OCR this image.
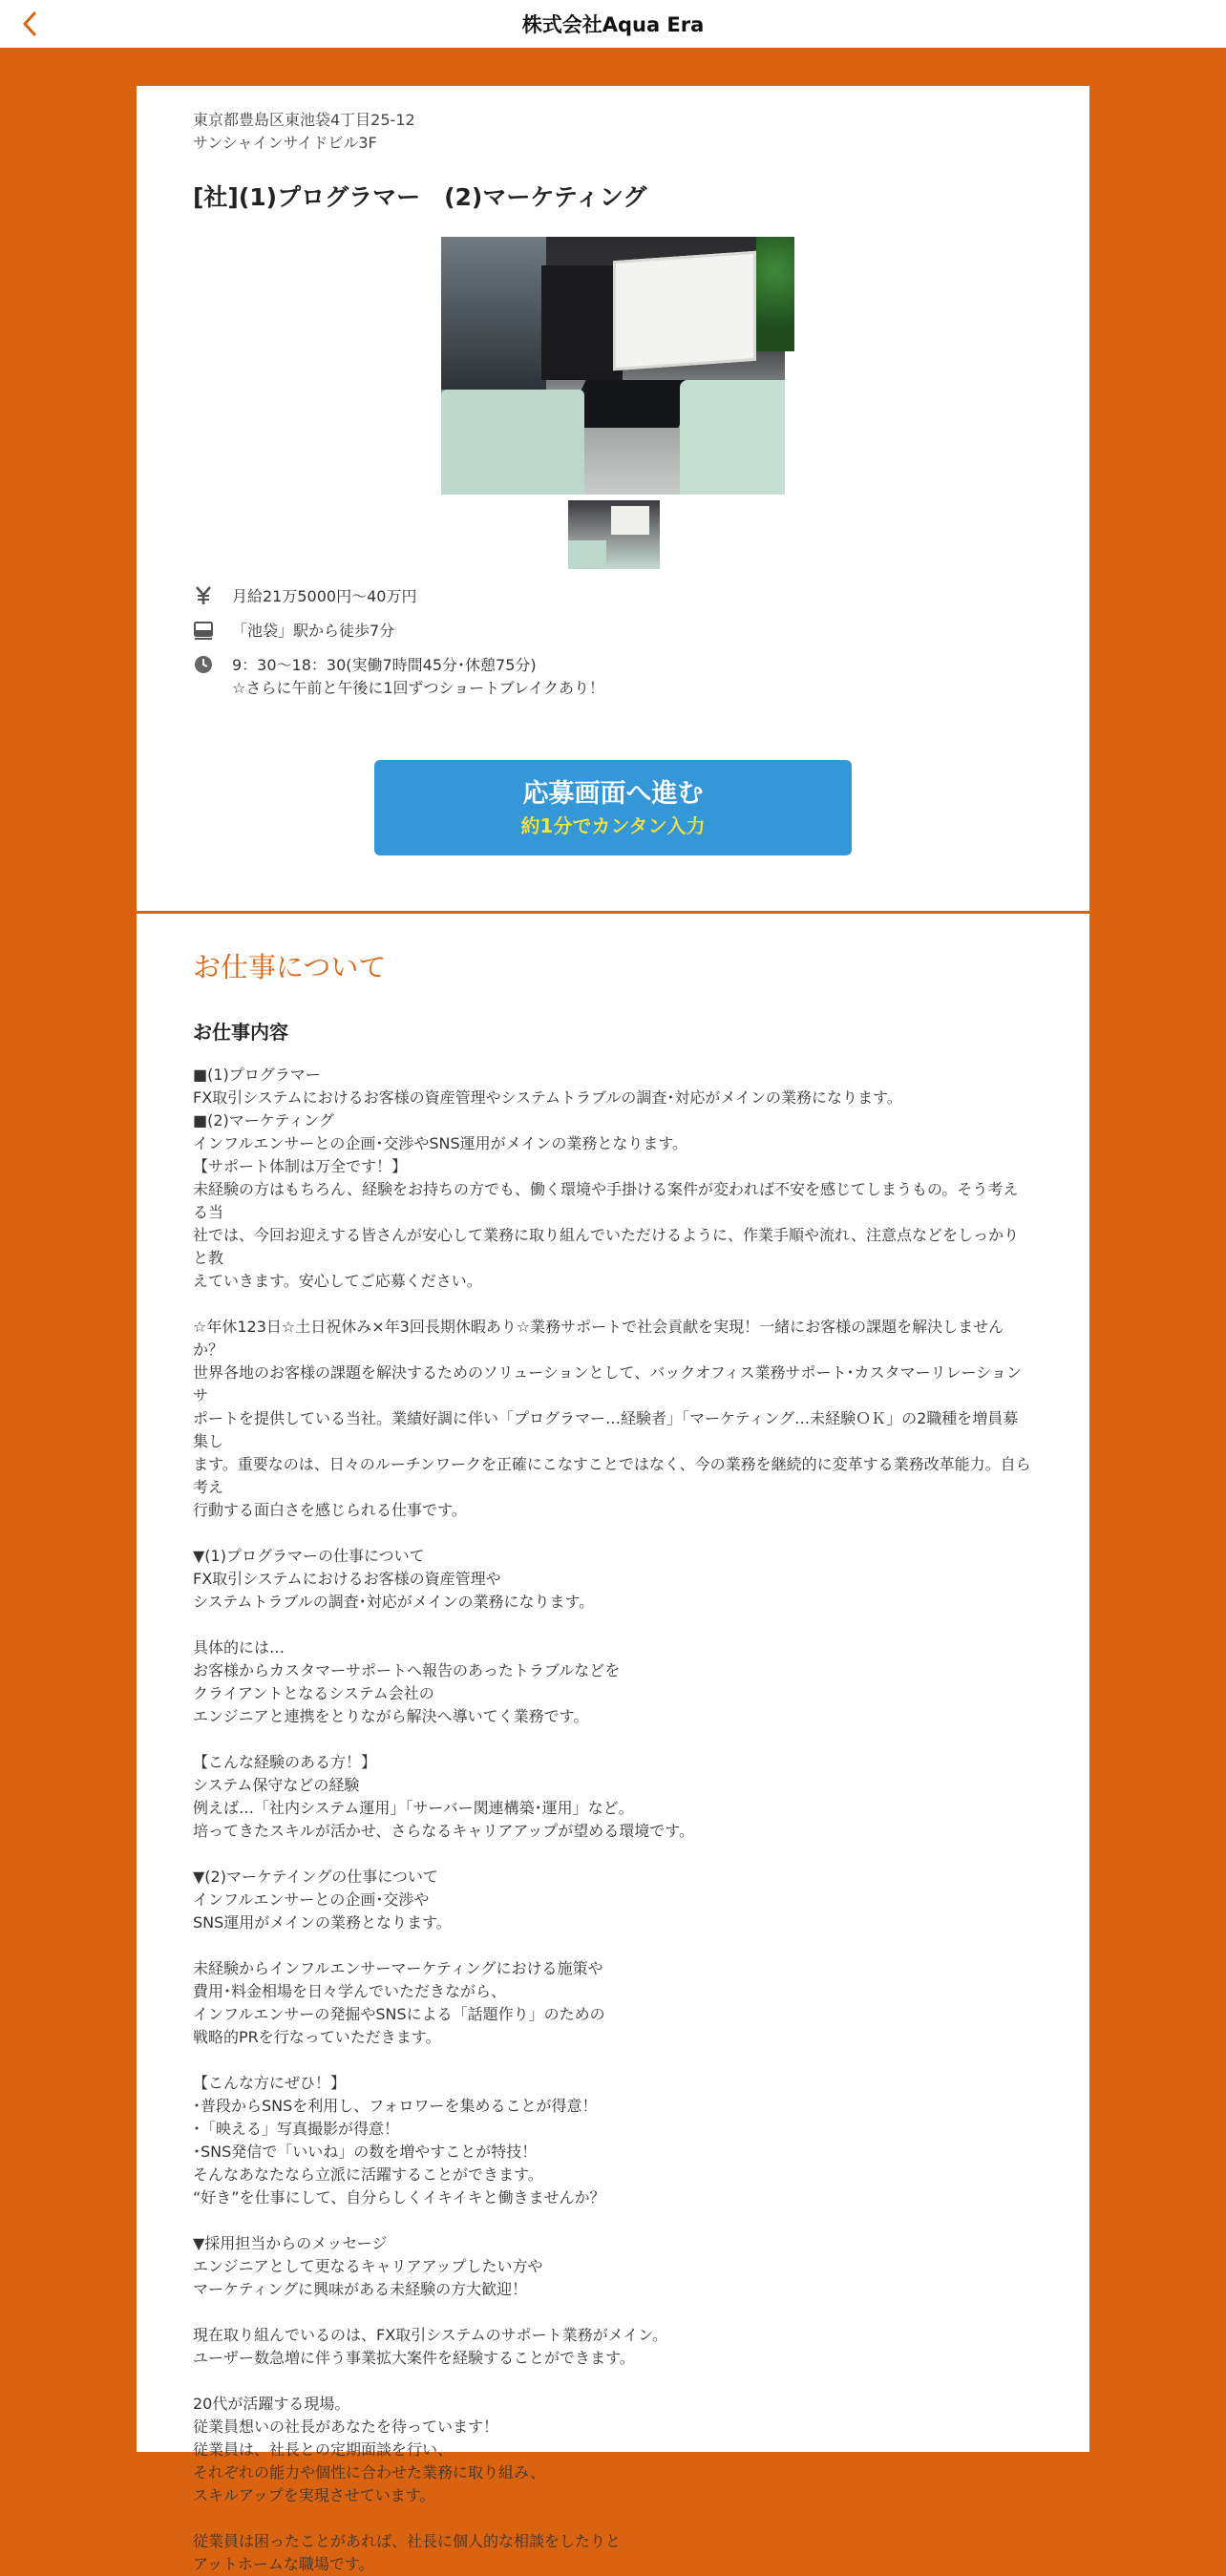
株式会社Aqua Era
東京都豊島区東池袋4丁目25-12
サンシャインサイドビル3F
[社](1)プログラマー　(2)マーケティング
月給21万5000円～40万円
「池袋」駅から徒歩7分
9：30～18：30(実働7時間45分･休憩75分)
☆さらに午前と午後に1回ずつショートブレイクあり！
応募画面へ進む
約1分でカンタン入力
お仕事について
お仕事内容
■(1)プログラマー
FX取引システムにおけるお客様の資産管理やシステムトラブルの調査･対応がメインの業務になります。
■(2)マーケティング
インフルエンサーとの企画･交渉やSNS運用がメインの業務となります。
【サポート体制は万全です！】
未経験の方はもちろん、経験をお持ちの方でも、働く環境や手掛ける案件が変われば不安を感じてしまうもの。そう考える当
社では、今回お迎えする皆さんが安心して業務に取り組んでいただけるように、作業手順や流れ、注意点などをしっかりと教
えていきます。安心してご応募ください。

☆年休123日☆土日祝休み×年3回長期休暇あり☆業務サポートで社会貢献を実現！一緒にお客様の課題を解決しませんか？
世界各地のお客様の課題を解決するためのソリューションとして、バックオフィス業務サポート･カスタマーリレーションサ
ポートを提供している当社。業績好調に伴い「プログラマー…経験者」「マーケティング…未経験ＯＫ」の2職種を増員募集し
ます。重要なのは、日々のルーチンワークを正確にこなすことではなく、今の業務を継続的に変革する業務改革能力。自ら考え
行動する面白さを感じられる仕事です。

▼(1)プログラマーの仕事について
FX取引システムにおけるお客様の資産管理や
システムトラブルの調査･対応がメインの業務になります。

具体的には…
お客様からカスタマーサポートへ報告のあったトラブルなどを
クライアントとなるシステム会社の
エンジニアと連携をとりながら解決へ導いてく業務です。

【こんな経験のある方！】
システム保守などの経験
例えば…「社内システム運用」「サーバー関連構築･運用」など。
培ってきたスキルが活かせ、さらなるキャリアアップが望める環境です。

▼(2)マーケテイングの仕事について
インフルエンサーとの企画･交渉や
SNS運用がメインの業務となります。

未経験からインフルエンサーマーケティングにおける施策や
費用･料金相場を日々学んでいただきながら、
インフルエンサーの発掘やSNSによる「話題作り」のための
戦略的PRを行なっていただきます。

【こんな方にぜひ！】
･普段からSNSを利用し、フォロワーを集めることが得意！
･「映える」写真撮影が得意！
･SNS発信で「いいね」の数を増やすことが特技！
そんなあなたなら立派に活躍することができます。
“好き”を仕事にして、自分らしくイキイキと働きませんか？

▼採用担当からのメッセージ
エンジニアとして更なるキャリアアップしたい方や
マーケティングに興味がある未経験の方大歓迎！

現在取り組んでいるのは、FX取引システムのサポート業務がメイン。
ユーザー数急増に伴う事業拡大案件を経験することができます。

20代が活躍する現場。
従業員想いの社長があなたを待っています！
従業員は、社長との定期面談を行い、
それぞれの能力や個性に合わせた業務に取り組み、
スキルアップを実現させています。

従業員は困ったことがあれば、社長に個人的な相談をしたりと
アットホームな職場です。
